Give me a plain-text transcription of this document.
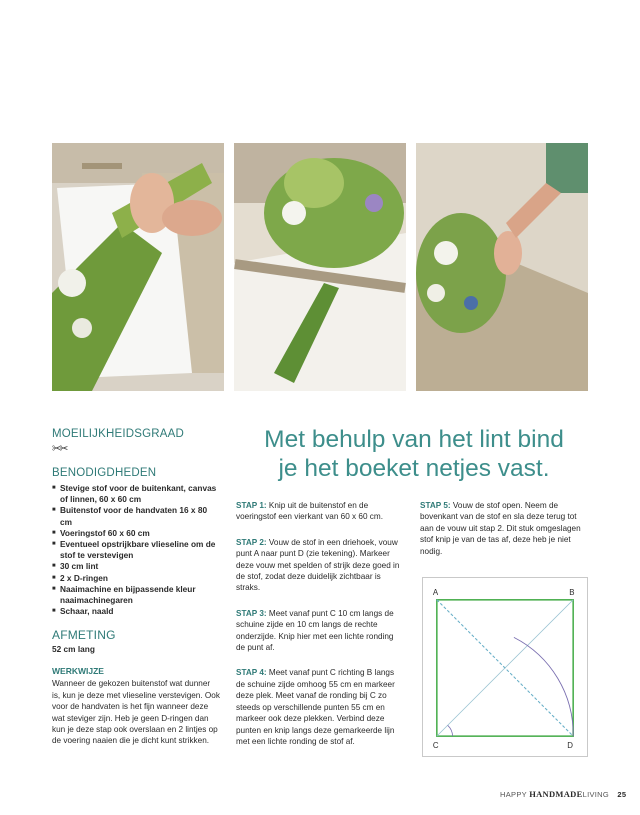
MOEILIJKHEIDSGRAAD
✂✂
BENODIGDHEDEN
■ Stevige stof voor de buitenkant, canvas of linnen, 60 x 60 cm
■ Buitenstof voor de handvaten 16 x 80 cm
■ Voeringstof 60 x 60 cm
■ Eventueel opstrijkbare vlieseline om de stof te verstevigen
■ 30 cm lint
■ 2 x D-ringen
■ Naaimachine en bijpassende kleur naaimachinegaren
■ Schaar, naald
AFMETING
52 cm lang
WERKWIJZE
Wanneer de gekozen buitenstof wat dunner is, kun je deze met vlieseline verstevigen. Ook voor de handvaten is het fijn wanneer deze wat steviger zijn. Heb je geen D-ringen dan kun je deze stap ook overslaan en 2 lintjes op de voering naaien die je dicht kunt strikken.
Met behulp van het lint bind
je het boeket netjes vast.

STAP 1: Knip uit de buitenstof en de voeringstof een vierkant van 60 x 60 cm.

STAP 2: Vouw de stof in een driehoek, vouw punt A naar punt D (zie tekening). Markeer deze vouw met spelden of strijk deze goed in de stof, zodat deze duidelijk zichtbaar is straks.

STAP 3: Meet vanaf punt C 10 cm langs de schuine zijde en 10 cm langs de rechte onderzijde. Knip hier met een lichte ronding de punt af.

STAP 4: Meet vanaf punt C richting B langs de schuine zijde omhoog 55 cm en markeer deze plek. Meet vanaf de ronding bij C zo steeds op verschillende punten 55 cm en markeer ook deze plekken. Verbind deze punten en knip langs deze gemarkeerde lijn met een lichte ronding de stof af.

STAP 5: Vouw de stof open. Neem de bovenkant van de stof en sla deze terug tot aan de vouw uit stap 2. Dit stuk omgeslagen stof knip je van de tas af, deze heb je niet nodig.

A	B
C	D
HAPPY HANDMADELIVING 25
